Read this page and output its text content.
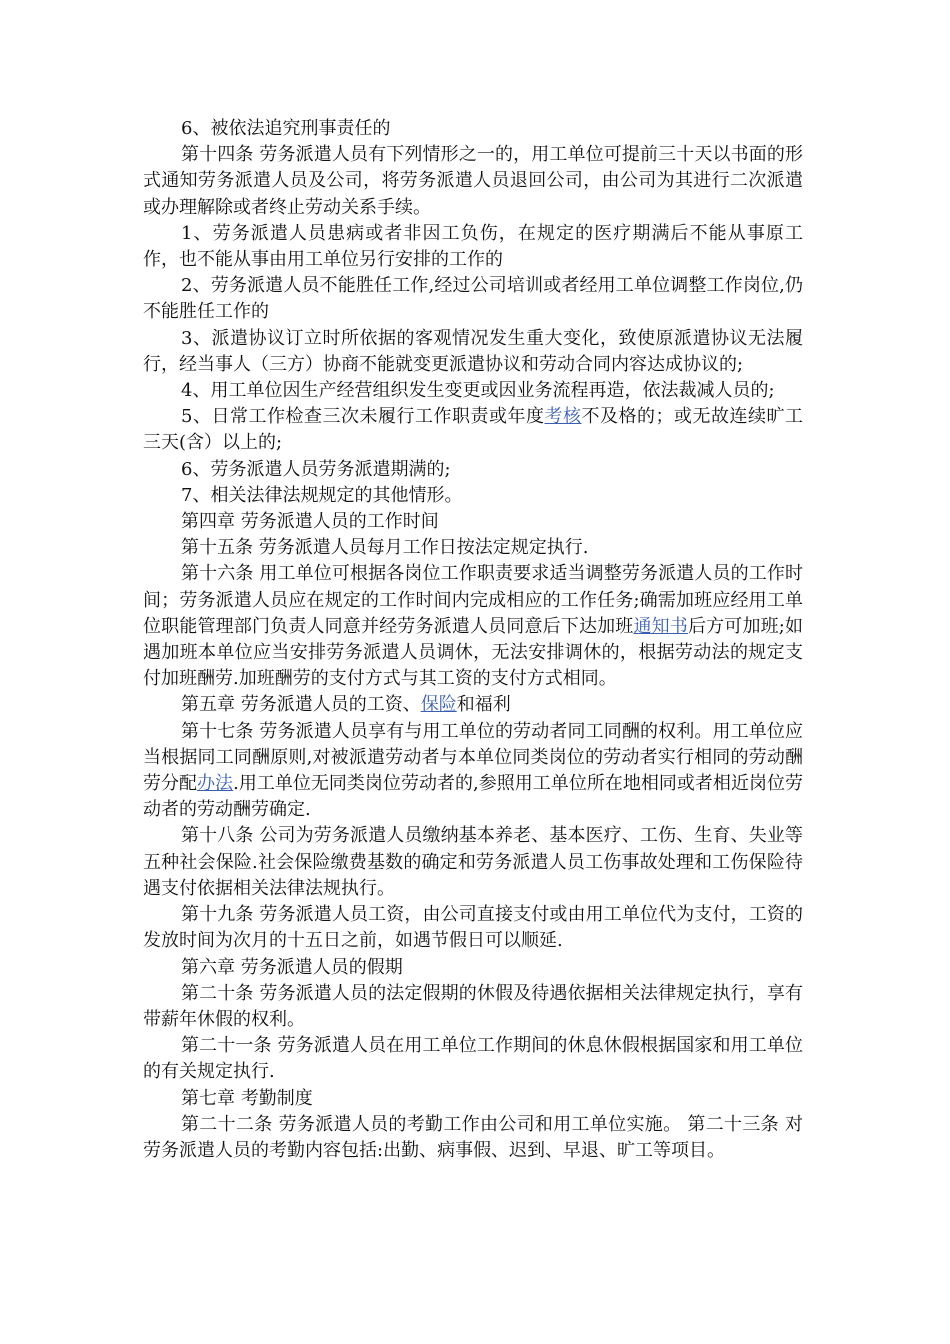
6、被依法追究刑事责任的

第十四条 劳务派遣人员有下列情形之一的，用工单位可提前三十天以书面的形式通知劳务派遣人员及公司，将劳务派遣人员退回公司，由公司为其进行二次派遣或办理解除或者终止劳动关系手续。

1、劳务派遣人员患病或者非因工负伤，在规定的医疗期满后不能从事原工作，也不能从事由用工单位另行安排的工作的

2、劳务派遣人员不能胜任工作,经过公司培训或者经用工单位调整工作岗位,仍不能胜任工作的

3、派遣协议订立时所依据的客观情况发生重大变化，致使原派遣协议无法履行，经当事人（三方）协商不能就变更派遣协议和劳动合同内容达成协议的;

4、用工单位因生产经营组织发生变更或因业务流程再造，依法裁减人员的;

5、日常工作检查三次未履行工作职责或年度考核不及格的；或无故连续旷工三天(含）以上的;

6、劳务派遣人员劳务派遣期满的;

7、相关法律法规规定的其他情形。

第四章 劳务派遣人员的工作时间

第十五条 劳务派遣人员每月工作日按法定规定执行.

第十六条 用工单位可根据各岗位工作职责要求适当调整劳务派遣人员的工作时间；劳务派遣人员应在规定的工作时间内完成相应的工作任务;确需加班应经用工单位职能管理部门负责人同意并经劳务派遣人员同意后下达加班通知书后方可加班;如遇加班本单位应当安排劳务派遣人员调休，无法安排调休的，根据劳动法的规定支付加班酬劳.加班酬劳的支付方式与其工资的支付方式相同。

第五章 劳务派遣人员的工资、保险和福利

第十七条 劳务派遣人员享有与用工单位的劳动者同工同酬的权利。用工单位应当根据同工同酬原则,对被派遣劳动者与本单位同类岗位的劳动者实行相同的劳动酬劳分配办法.用工单位无同类岗位劳动者的,参照用工单位所在地相同或者相近岗位劳动者的劳动酬劳确定.

第十八条 公司为劳务派遣人员缴纳基本养老、基本医疗、工伤、生育、失业等五种社会保险.社会保险缴费基数的确定和劳务派遣人员工伤事故处理和工伤保险待遇支付依据相关法律法规执行。

第十九条 劳务派遣人员工资，由公司直接支付或由用工单位代为支付，工资的发放时间为次月的十五日之前，如遇节假日可以顺延.

第六章 劳务派遣人员的假期

第二十条 劳务派遣人员的法定假期的休假及待遇依据相关法律规定执行，享有带薪年休假的权利。

第二十一条 劳务派遣人员在用工单位工作期间的休息休假根据国家和用工单位的有关规定执行.

第七章 考勤制度

第二十二条 劳务派遣人员的考勤工作由公司和用工单位实施。 第二十三条 对劳务派遣人员的考勤内容包括:出勤、病事假、迟到、早退、旷工等项目。
